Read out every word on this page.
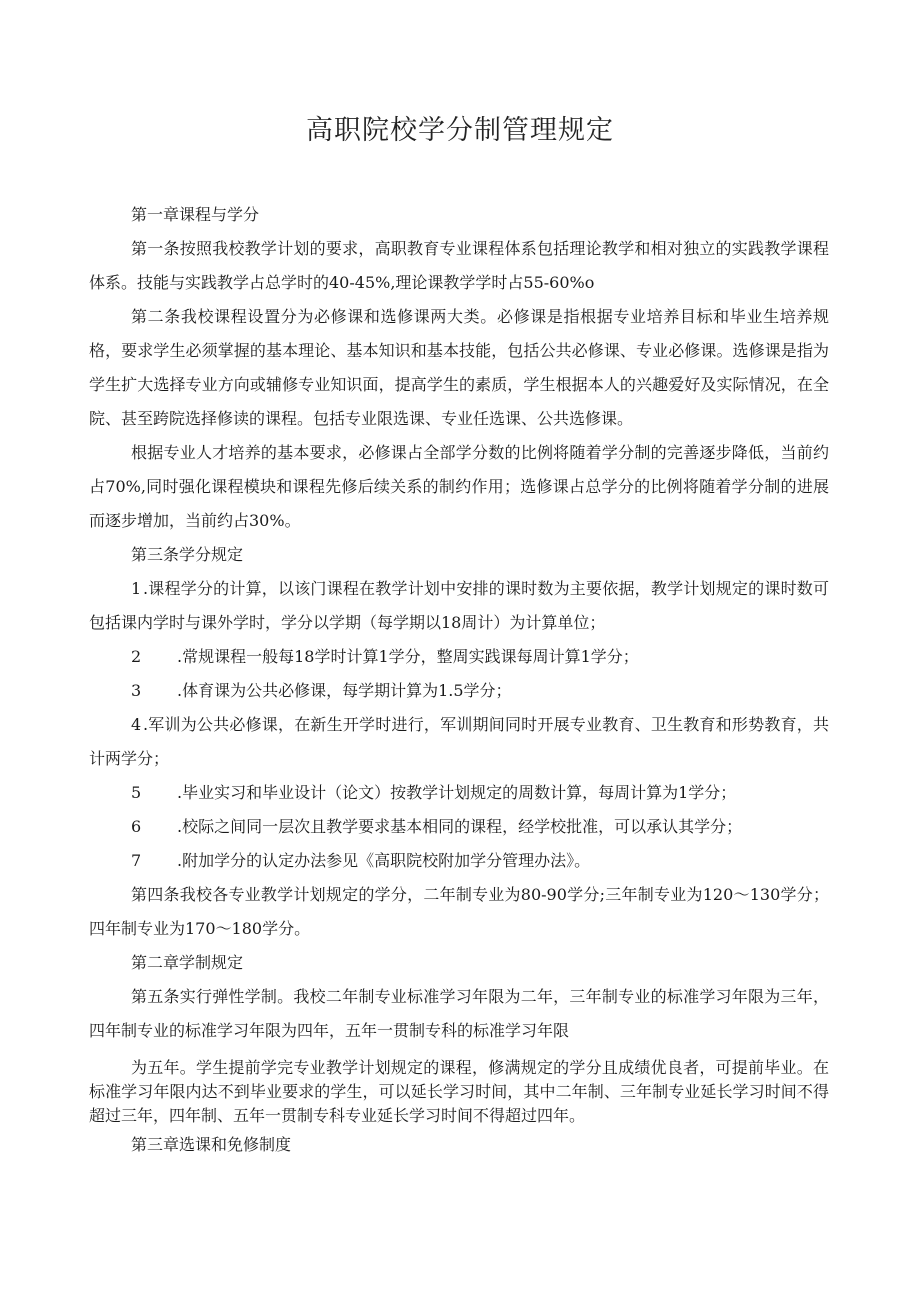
高职院校学分制管理规定

第一章课程与学分

第一条按照我校教学计划的要求，高职教育专业课程体系包括理论教学和相对独立的实践教学课程体系。技能与实践教学占总学时的40-45%,理论课教学学时占55-60%o

第二条我校课程设置分为必修课和选修课两大类。必修课是指根据专业培养目标和毕业生培养规格，要求学生必须掌握的基本理论、基本知识和基本技能，包括公共必修课、专业必修课。选修课是指为学生扩大选择专业方向或辅修专业知识面，提高学生的素质，学生根据本人的兴趣爱好及实际情况，在全院、甚至跨院选择修读的课程。包括专业限选课、专业任选课、公共选修课。

根据专业人才培养的基本要求，必修课占全部学分数的比例将随着学分制的完善逐步降低，当前约占70%,同时强化课程模块和课程先修后续关系的制约作用；选修课占总学分的比例将随着学分制的进展而逐步增加，当前约占30%。

第三条学分规定

1 .课程学分的计算，以该门课程在教学计划中安排的课时数为主要依据，教学计划规定的课时数可包括课内学时与课外学时，学分以学期（每学期以18周计）为计算单位；

2 .常规课程一般每18学时计算1学分，整周实践课每周计算1学分；

3 .体育课为公共必修课，每学期计算为1.5学分；

4 .军训为公共必修课，在新生开学时进行，军训期间同时开展专业教育、卫生教育和形势教育，共计两学分；

5 .毕业实习和毕业设计（论文）按教学计划规定的周数计算，每周计算为1学分；

6 .校际之间同一层次且教学要求基本相同的课程，经学校批准，可以承认其学分；

7 .附加学分的认定办法参见《高职院校附加学分管理办法》。

第四条我校各专业教学计划规定的学分，二年制专业为80-90学分;三年制专业为120～130学分；四年制专业为170～180学分。

第二章学制规定

第五条实行弹性学制。我校二年制专业标准学习年限为二年，三年制专业的标准学习年限为三年，四年制专业的标准学习年限为四年，五年一贯制专科的标准学习年限

为五年。学生提前学完专业教学计划规定的课程，修满规定的学分且成绩优良者，可提前毕业。在标准学习年限内达不到毕业要求的学生，可以延长学习时间，其中二年制、三年制专业延长学习时间不得超过三年，四年制、五年一贯制专科专业延长学习时间不得超过四年。

第三章选课和免修制度
